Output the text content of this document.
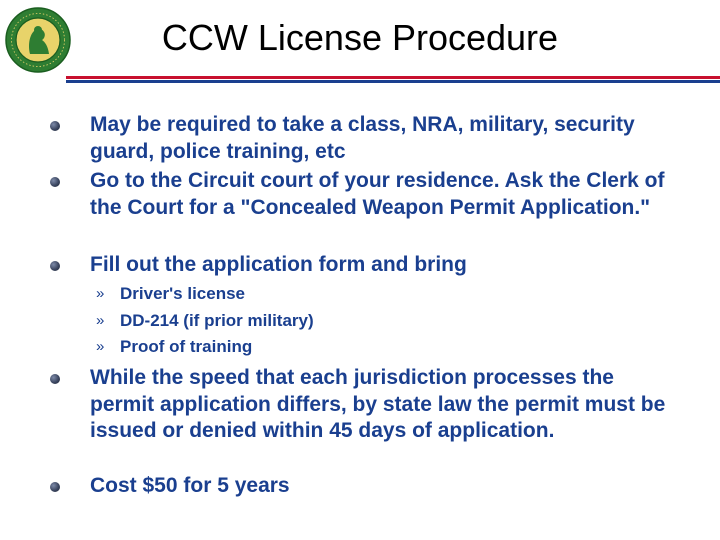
CCW License Procedure
May be required to take a class, NRA, military, security guard, police training, etc
Go to the Circuit court of your residence. Ask the Clerk of the Court for a "Concealed Weapon Permit Application."
Fill out the application form and bring
» Driver's license
» DD-214 (if prior military)
» Proof of training
While the speed that each jurisdiction processes the permit application differs, by state law the permit must be issued or denied within 45 days of application.
Cost $50 for 5 years
